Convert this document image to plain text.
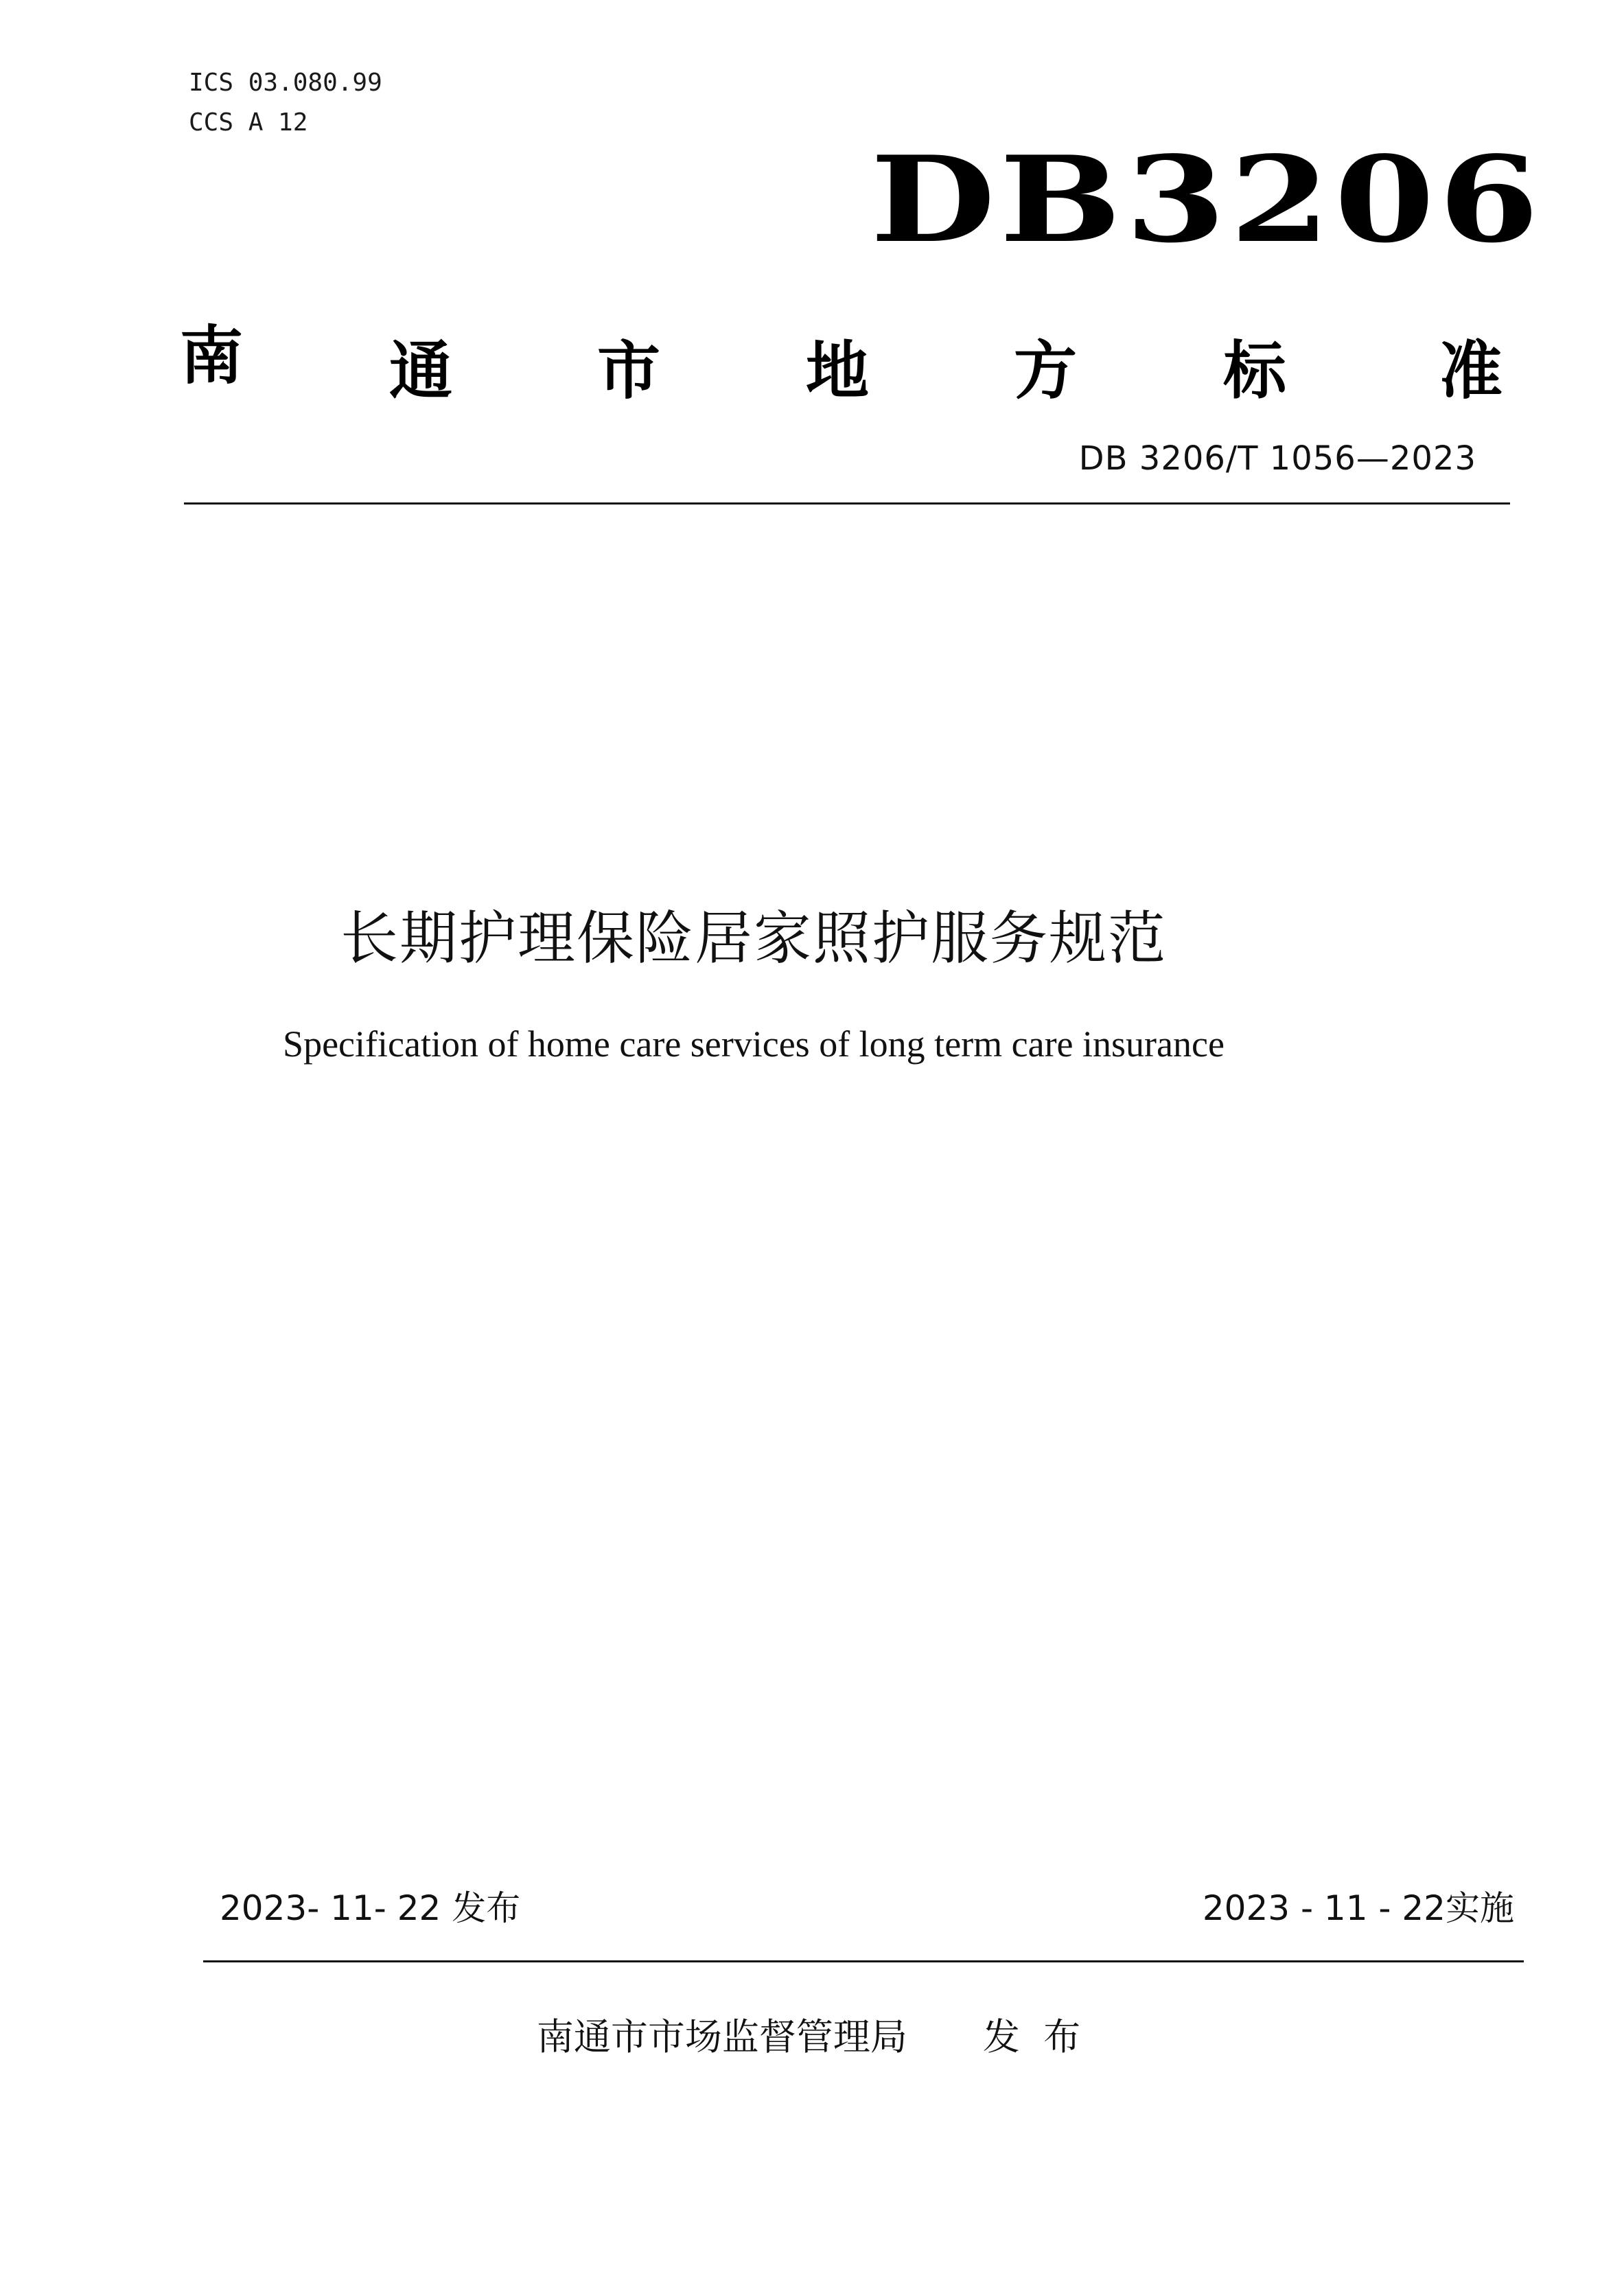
ICS 03.080.99
CCS A 12
DB3206
南 通 市 地 方 标 准
DB 3206/T 1056—2023
长期护理保险居家照护服务规范
Specification of home care services of long term care insurance
2023- 11- 22 发布	2023 - 11 - 22实施
南通市市场监督管理局 发  布
